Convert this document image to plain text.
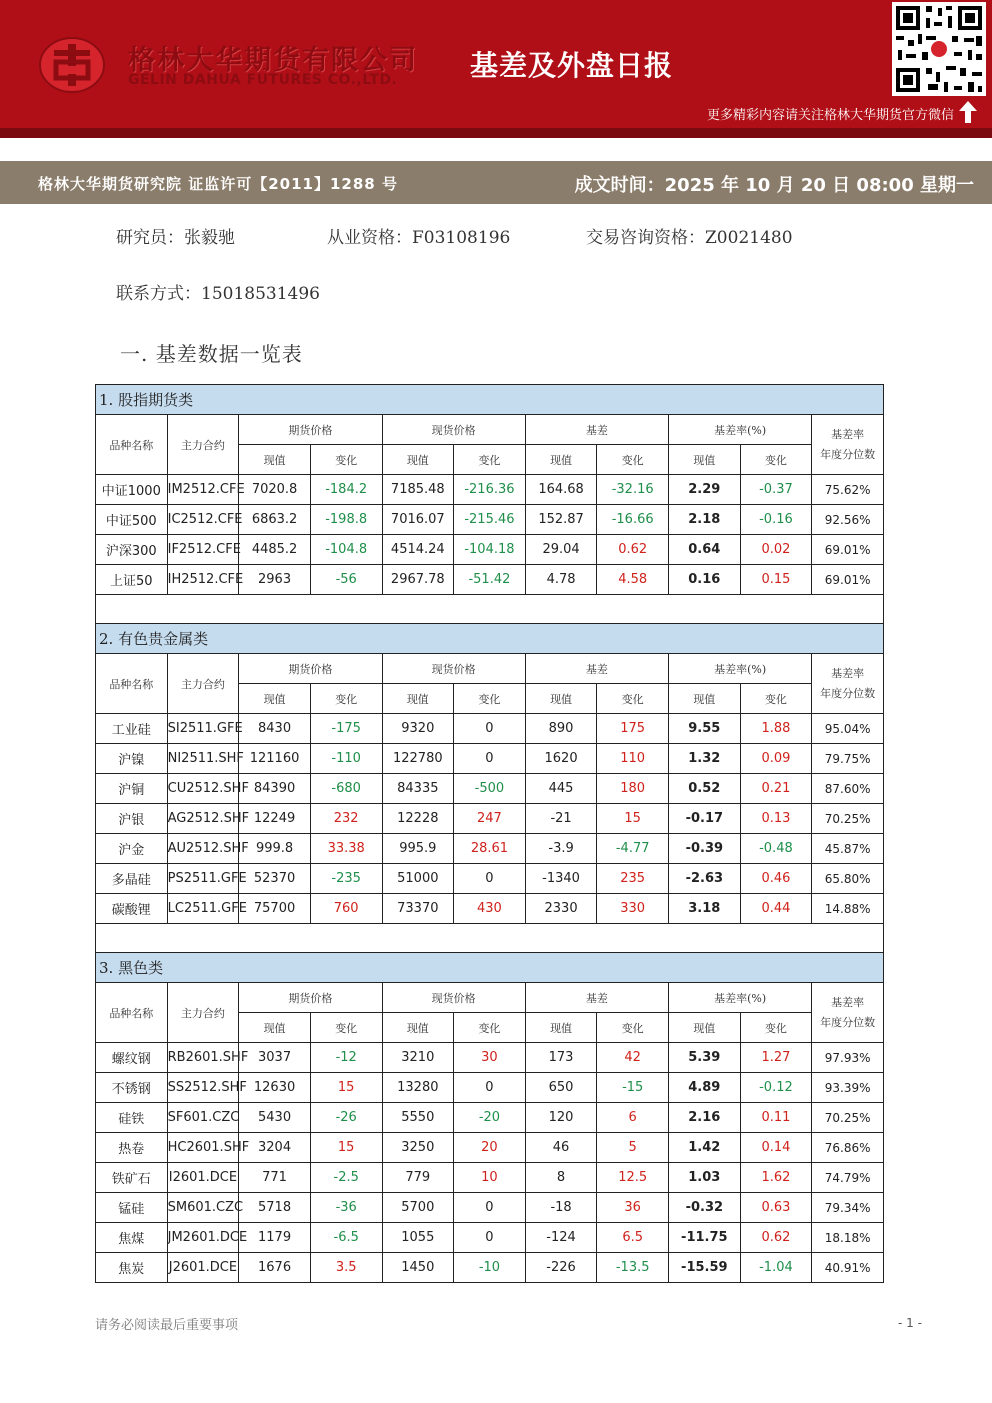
格林大华期货有限公司
GELIN DAHUA FUTURES CO.,LTD.	基差及外盘日报
更多精彩内容请关注格林大华期货官方微信
格林大华期货研究院 证监许可【2011】1288 号	成文时间：2025 年 10 月 20 日 08:00 星期一
研究员：张毅驰	从业资格：F03108196	交易咨询资格：Z0021480
联系方式：15018531496
一. 基差数据一览表
1. 股指期货类										
品种名称	主力合约	期货价格		现货价格		基差		基差率(%)		基差率
年度分位数
		现值	变化	现值	变化	现值	变化	现值	变化	
中证1000	IM2512.CFE	7020.8	-184.2	7185.48	-216.36	164.68	-32.16	2.29	-0.37	75.62%
中证500	IC2512.CFE	6863.2	-198.8	7016.07	-215.46	152.87	-16.66	2.18	-0.16	92.56%
沪深300	IF2512.CFE	4485.2	-104.8	4514.24	-104.18	29.04	0.62	0.64	0.02	69.01%
上证50	IH2512.CFE	2963	-56	2967.78	-51.42	4.78	4.58	0.16	0.15	69.01%

2. 有色贵金属类										
品种名称	主力合约	期货价格		现货价格		基差		基差率(%)		基差率
年度分位数
		现值	变化	现值	变化	现值	变化	现值	变化	
工业硅	SI2511.GFE	8430	-175	9320	0	890	175	9.55	1.88	95.04%
沪镍	NI2511.SHF	121160	-110	122780	0	1620	110	1.32	0.09	79.75%
沪铜	CU2512.SHF	84390	-680	84335	-500	445	180	0.52	0.21	87.60%
沪银	AG2512.SHF	12249	232	12228	247	-21	15	-0.17	0.13	70.25%
沪金	AU2512.SHF	999.8	33.38	995.9	28.61	-3.9	-4.77	-0.39	-0.48	45.87%
多晶硅	PS2511.GFE	52370	-235	51000	0	-1340	235	-2.63	0.46	65.80%
碳酸锂	LC2511.GFE	75700	760	73370	430	2330	330	3.18	0.44	14.88%

3. 黑色类										
品种名称	主力合约	期货价格		现货价格		基差		基差率(%)		基差率
年度分位数
		现值	变化	现值	变化	现值	变化	现值	变化	
螺纹钢	RB2601.SHF	3037	-12	3210	30	173	42	5.39	1.27	97.93%
不锈钢	SS2512.SHF	12630	15	13280	0	650	-15	4.89	-0.12	93.39%
硅铁	SF601.CZC	5430	-26	5550	-20	120	6	2.16	0.11	70.25%
热卷	HC2601.SHF	3204	15	3250	20	46	5	1.42	0.14	76.86%
铁矿石	I2601.DCE	771	-2.5	779	10	8	12.5	1.03	1.62	74.79%
锰硅	SM601.CZC	5718	-36	5700	0	-18	36	-0.32	0.63	79.34%
焦煤	JM2601.DCE	1179	-6.5	1055	0	-124	6.5	-11.75	0.62	18.18%
焦炭	J2601.DCE	1676	3.5	1450	-10	-226	-13.5	-15.59	-1.04	40.91%
请务必阅读最后重要事项	- 1 -
